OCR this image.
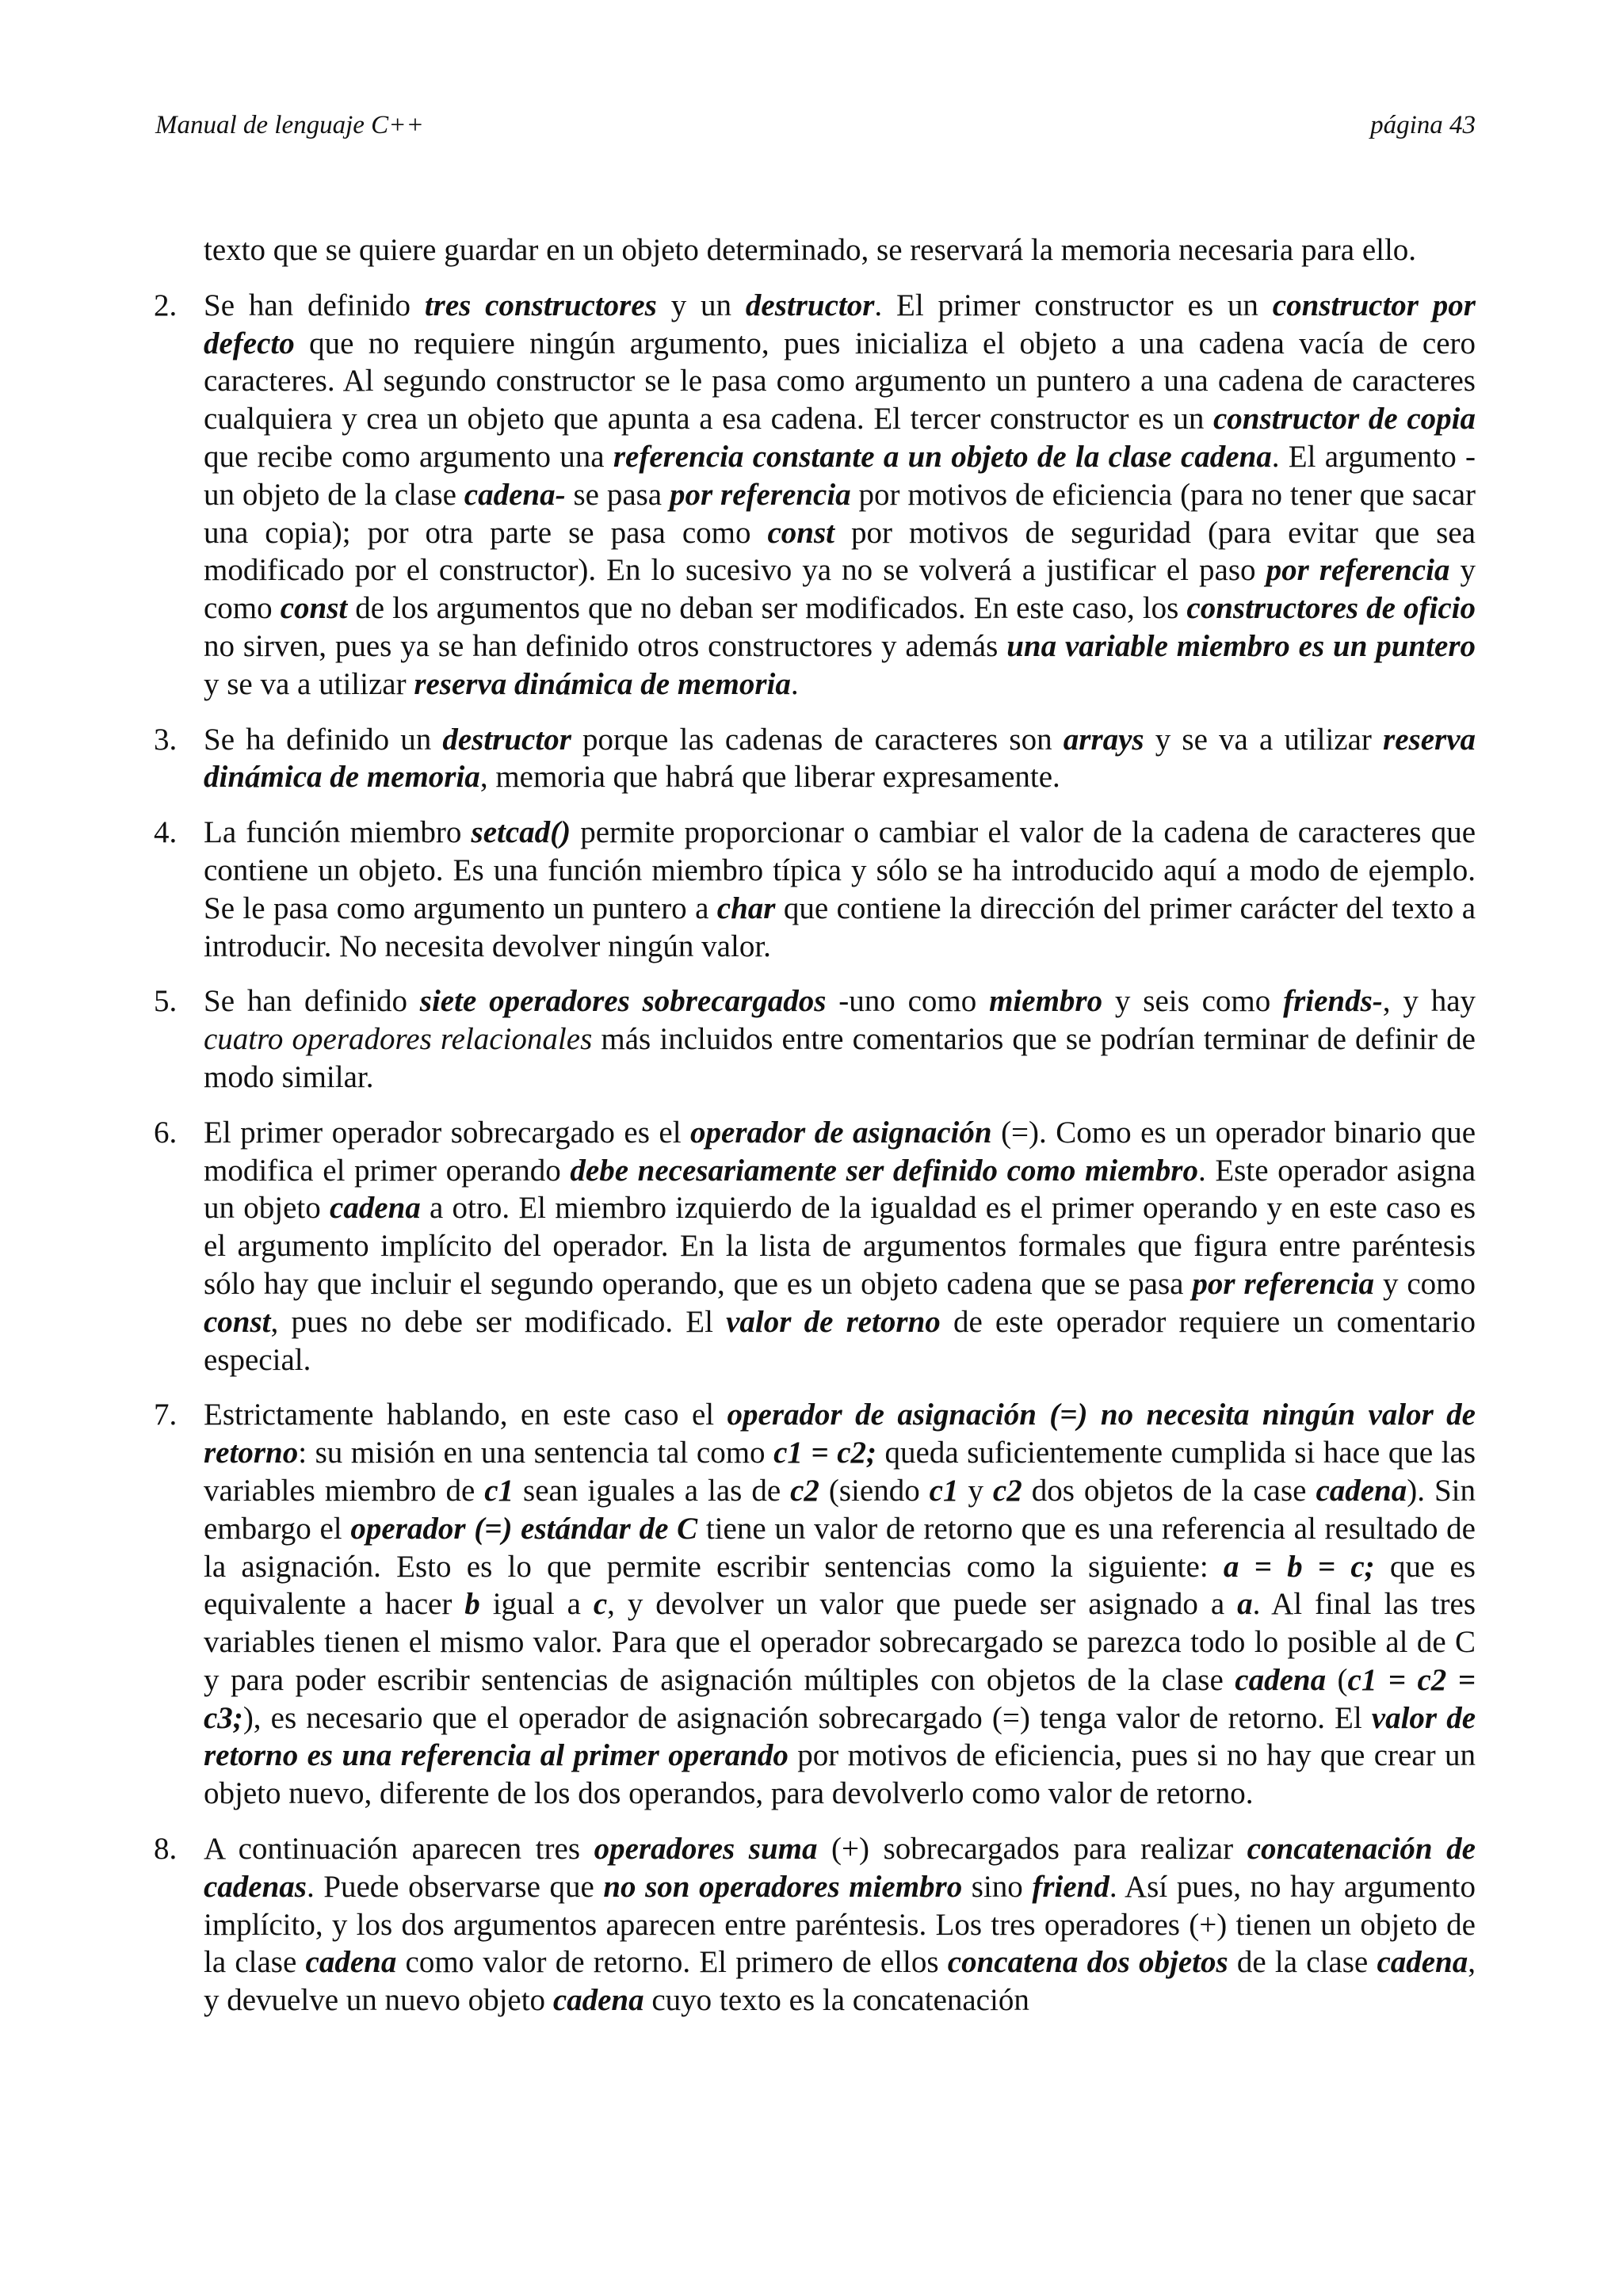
Manual de lenguaje C++	página 43

texto que se quiere guardar en un objeto determinado, se reservará la memoria necesaria para ello.

2. Se han definido tres constructores y un destructor. El primer constructor es un constructor por defecto que no requiere ningún argumento, pues inicializa el objeto a una cadena vacía de cero caracteres. Al segundo constructor se le pasa como argumento un puntero a una cadena de caracteres cualquiera y crea un objeto que apunta a esa cadena. El tercer constructor es un constructor de copia que recibe como argumento una referencia constante a un objeto de la clase cadena. El argumento -un objeto de la clase cadena- se pasa por referencia por motivos de eficiencia (para no tener que sacar una copia); por otra parte se pasa como const por motivos de seguridad (para evitar que sea modificado por el constructor). En lo sucesivo ya no se volverá a justificar el paso por referencia y como const de los argumentos que no deban ser modificados. En este caso, los constructores de oficio no sirven, pues ya se han definido otros constructores y además una variable miembro es un puntero y se va a utilizar reserva dinámica de memoria.

3. Se ha definido un destructor porque las cadenas de caracteres son arrays y se va a utilizar reserva dinámica de memoria, memoria que habrá que liberar expresamente.

4. La función miembro setcad() permite proporcionar o cambiar el valor de la cadena de caracteres que contiene un objeto. Es una función miembro típica y sólo se ha introducido aquí a modo de ejemplo. Se le pasa como argumento un puntero a char que contiene la dirección del primer carácter del texto a introducir. No necesita devolver ningún valor.

5. Se han definido siete operadores sobrecargados -uno como miembro y seis como friends-, y hay cuatro operadores relacionales más incluidos entre comentarios que se podrían terminar de definir de modo similar.

6. El primer operador sobrecargado es el operador de asignación (=). Como es un operador binario que modifica el primer operando debe necesariamente ser definido como miembro. Este operador asigna un objeto cadena a otro. El miembro izquierdo de la igualdad es el primer operando y en este caso es el argumento implícito del operador. En la lista de argumentos formales que figura entre paréntesis sólo hay que incluir el segundo operando, que es un objeto cadena que se pasa por referencia y como const, pues no debe ser modificado. El valor de retorno de este operador requiere un comentario especial.

7. Estrictamente hablando, en este caso el operador de asignación (=) no necesita ningún valor de retorno: su misión en una sentencia tal como c1 = c2; queda suficientemente cumplida si hace que las variables miembro de c1 sean iguales a las de c2 (siendo c1 y c2 dos objetos de la case cadena). Sin embargo el operador (=) estándar de C tiene un valor de retorno que es una referencia al resultado de la asignación. Esto es lo que permite escribir sentencias como la siguiente: a = b = c; que es equivalente a hacer b igual a c, y devolver un valor que puede ser asignado a a. Al final las tres variables tienen el mismo valor. Para que el operador sobrecargado se parezca todo lo posible al de C y para poder escribir sentencias de asignación múltiples con objetos de la clase cadena (c1 = c2 = c3;), es necesario que el operador de asignación sobrecargado (=) tenga valor de retorno. El valor de retorno es una referencia al primer operando por motivos de eficiencia, pues si no hay que crear un objeto nuevo, diferente de los dos operandos, para devolverlo como valor de retorno.

8. A continuación aparecen tres operadores suma (+) sobrecargados para realizar concatenación de cadenas. Puede observarse que no son operadores miembro sino friend. Así pues, no hay argumento implícito, y los dos argumentos aparecen entre paréntesis. Los tres operadores (+) tienen un objeto de la clase cadena como valor de retorno. El primero de ellos concatena dos objetos de la clase cadena, y devuelve un nuevo objeto cadena cuyo texto es la concatenación
